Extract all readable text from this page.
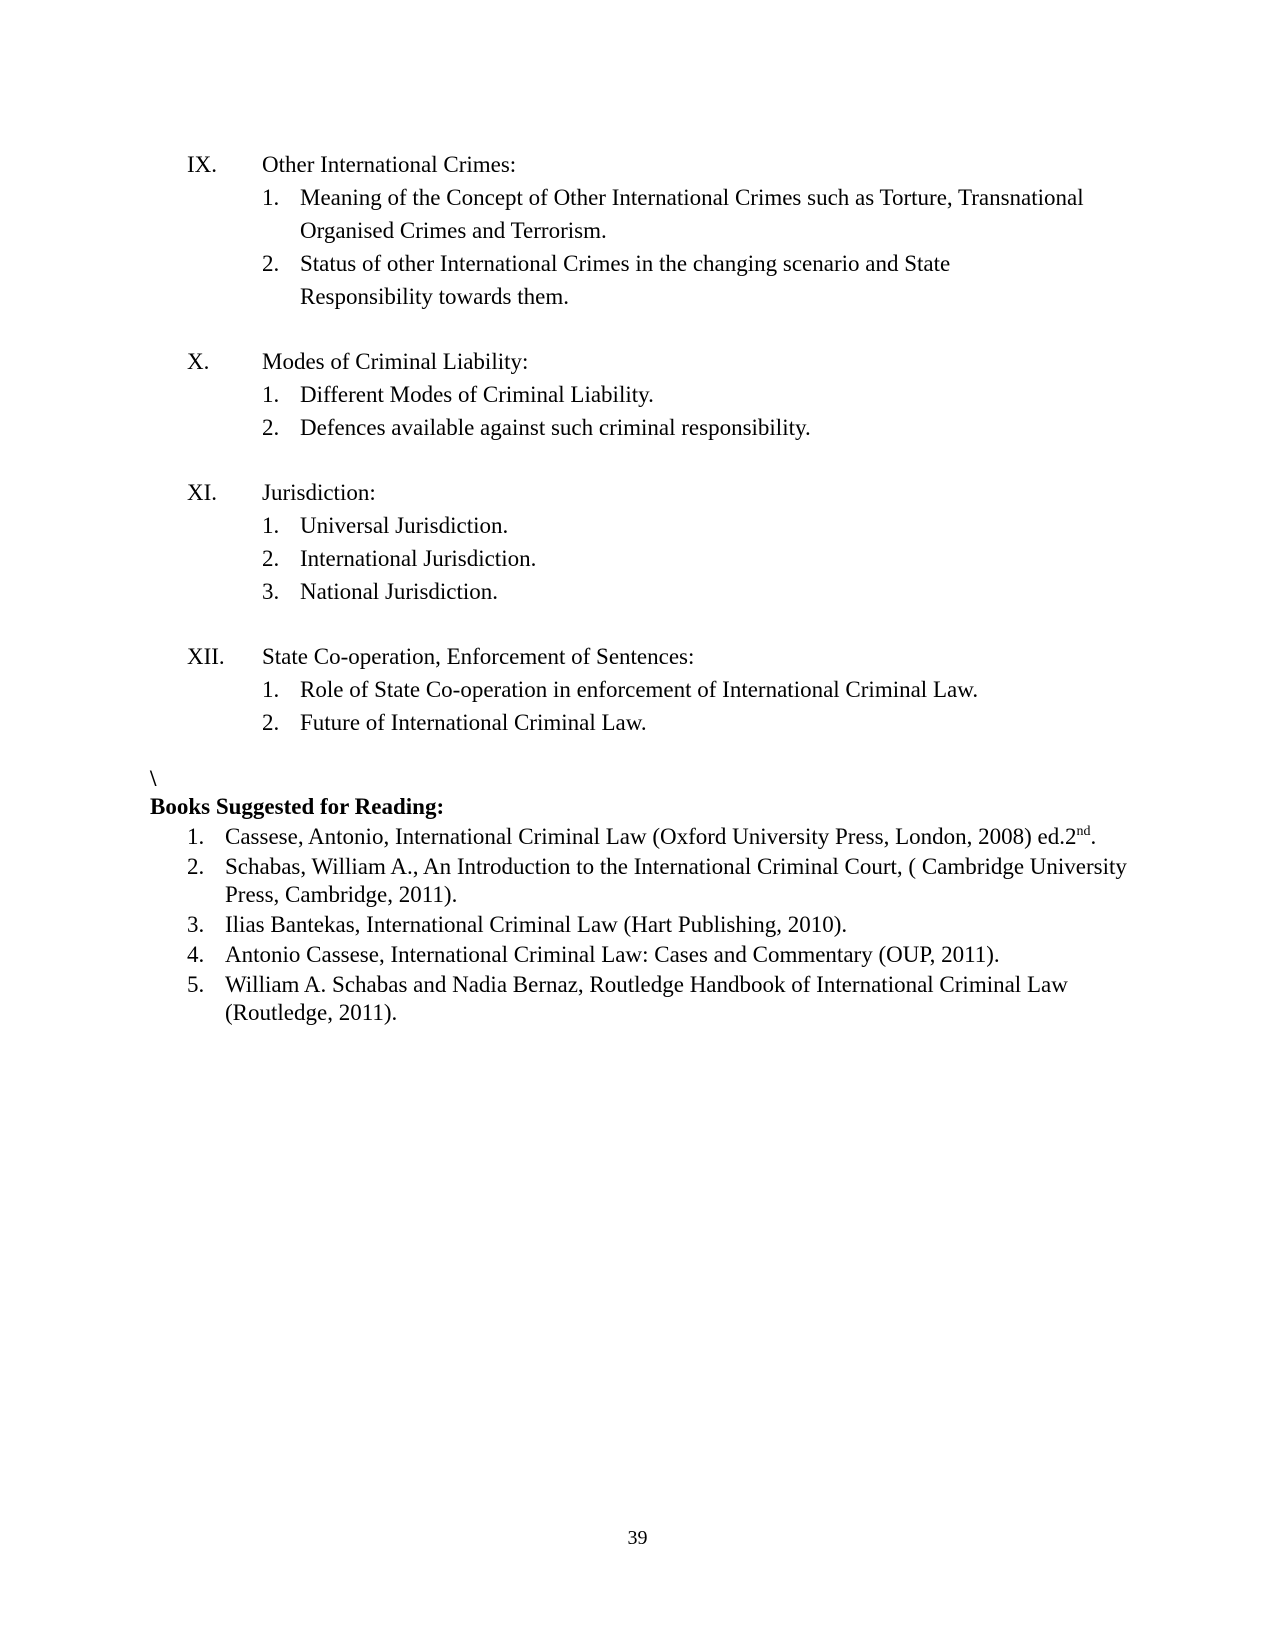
IX.	Other International Crimes:
1. Meaning of the Concept of Other International Crimes such as Torture, Transnational Organised Crimes and Terrorism.
2. Status of other International Crimes in the changing scenario and State Responsibility towards them.
X.	Modes of Criminal Liability:
1. Different Modes of Criminal Liability.
2. Defences available against such criminal responsibility.
XI.	Jurisdiction:
1. Universal Jurisdiction.
2. International Jurisdiction.
3. National Jurisdiction.
XII.	State Co-operation, Enforcement of Sentences:
1. Role of State Co-operation in enforcement of International Criminal Law.
2. Future of International Criminal Law.
\
Books Suggested for Reading:
1. Cassese, Antonio, International Criminal Law (Oxford University Press, London, 2008) ed.2nd.
2. Schabas, William A., An Introduction to the International Criminal Court, ( Cambridge University Press, Cambridge, 2011).
3. Ilias Bantekas, International Criminal Law (Hart Publishing, 2010).
4. Antonio Cassese, International Criminal Law: Cases and Commentary (OUP, 2011).
5. William A. Schabas and Nadia Bernaz, Routledge Handbook of International Criminal Law (Routledge, 2011).
39
